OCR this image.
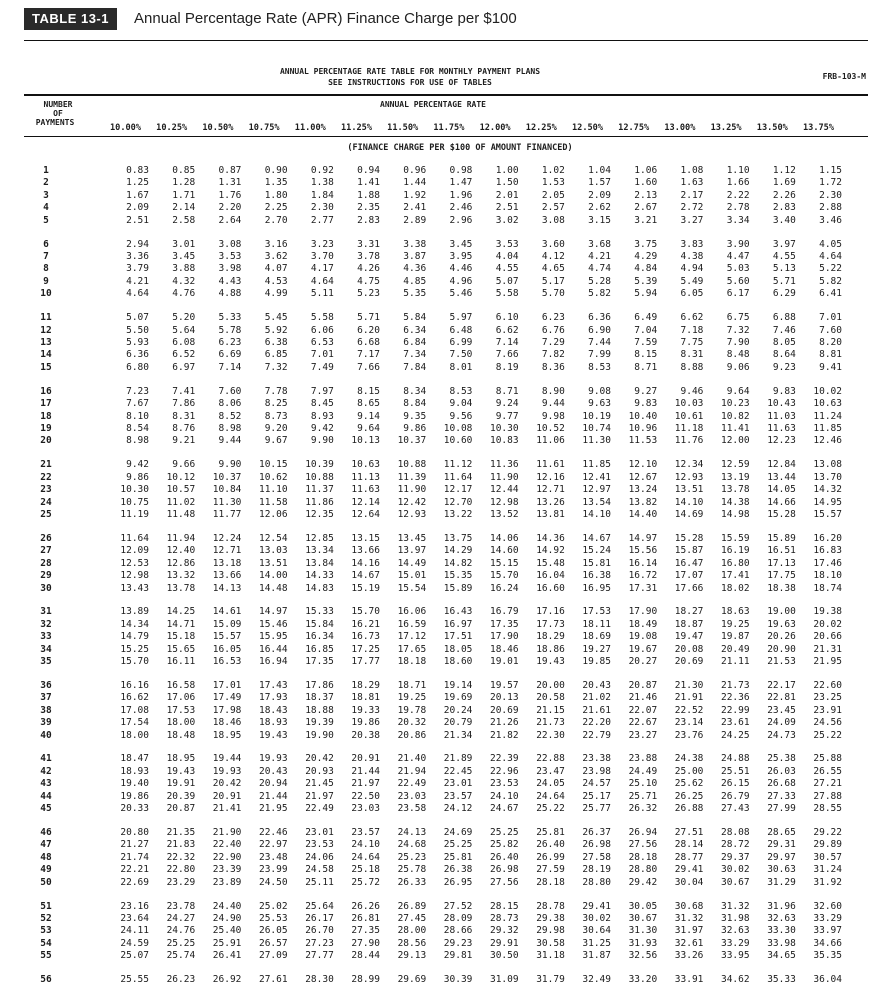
TABLE 13-1	Annual Percentage Rate (APR) Finance Charge per $100
ANNUAL PERCENTAGE RATE TABLE FOR MONTHLY PAYMENT PLANS
SEE INSTRUCTIONS FOR USE OF TABLES
FRB-103-M
NUMBER
OF
PAYMENTS
ANNUAL PERCENTAGE RATE
10.00%	10.25%	10.50%	10.75%	11.00%	11.25%	11.50%	11.75%	12.00%	12.25%	12.50%	12.75%	13.00%	13.25%	13.50%	13.75%
(FINANCE CHARGE PER $100 OF AMOUNT FINANCED)
1	0.83	0.85	0.87	0.90	0.92	0.94	0.96	0.98	1.00	1.02	1.04	1.06	1.08	1.10	1.12	1.15
2	1.25	1.28	1.31	1.35	1.38	1.41	1.44	1.47	1.50	1.53	1.57	1.60	1.63	1.66	1.69	1.72
3	1.67	1.71	1.76	1.80	1.84	1.88	1.92	1.96	2.01	2.05	2.09	2.13	2.17	2.22	2.26	2.30
4	2.09	2.14	2.20	2.25	2.30	2.35	2.41	2.46	2.51	2.57	2.62	2.67	2.72	2.78	2.83	2.88
5	2.51	2.58	2.64	2.70	2.77	2.83	2.89	2.96	3.02	3.08	3.15	3.21	3.27	3.34	3.40	3.46
6	2.94	3.01	3.08	3.16	3.23	3.31	3.38	3.45	3.53	3.60	3.68	3.75	3.83	3.90	3.97	4.05
7	3.36	3.45	3.53	3.62	3.70	3.78	3.87	3.95	4.04	4.12	4.21	4.29	4.38	4.47	4.55	4.64
8	3.79	3.88	3.98	4.07	4.17	4.26	4.36	4.46	4.55	4.65	4.74	4.84	4.94	5.03	5.13	5.22
9	4.21	4.32	4.43	4.53	4.64	4.75	4.85	4.96	5.07	5.17	5.28	5.39	5.49	5.60	5.71	5.82
10	4.64	4.76	4.88	4.99	5.11	5.23	5.35	5.46	5.58	5.70	5.82	5.94	6.05	6.17	6.29	6.41
11	5.07	5.20	5.33	5.45	5.58	5.71	5.84	5.97	6.10	6.23	6.36	6.49	6.62	6.75	6.88	7.01
12	5.50	5.64	5.78	5.92	6.06	6.20	6.34	6.48	6.62	6.76	6.90	7.04	7.18	7.32	7.46	7.60
13	5.93	6.08	6.23	6.38	6.53	6.68	6.84	6.99	7.14	7.29	7.44	7.59	7.75	7.90	8.05	8.20
14	6.36	6.52	6.69	6.85	7.01	7.17	7.34	7.50	7.66	7.82	7.99	8.15	8.31	8.48	8.64	8.81
15	6.80	6.97	7.14	7.32	7.49	7.66	7.84	8.01	8.19	8.36	8.53	8.71	8.88	9.06	9.23	9.41
16	7.23	7.41	7.60	7.78	7.97	8.15	8.34	8.53	8.71	8.90	9.08	9.27	9.46	9.64	9.83	10.02
17	7.67	7.86	8.06	8.25	8.45	8.65	8.84	9.04	9.24	9.44	9.63	9.83	10.03	10.23	10.43	10.63
18	8.10	8.31	8.52	8.73	8.93	9.14	9.35	9.56	9.77	9.98	10.19	10.40	10.61	10.82	11.03	11.24
19	8.54	8.76	8.98	9.20	9.42	9.64	9.86	10.08	10.30	10.52	10.74	10.96	11.18	11.41	11.63	11.85
20	8.98	9.21	9.44	9.67	9.90	10.13	10.37	10.60	10.83	11.06	11.30	11.53	11.76	12.00	12.23	12.46
21	9.42	9.66	9.90	10.15	10.39	10.63	10.88	11.12	11.36	11.61	11.85	12.10	12.34	12.59	12.84	13.08
22	9.86	10.12	10.37	10.62	10.88	11.13	11.39	11.64	11.90	12.16	12.41	12.67	12.93	13.19	13.44	13.70
23	10.30	10.57	10.84	11.10	11.37	11.63	11.90	12.17	12.44	12.71	12.97	13.24	13.51	13.78	14.05	14.32
24	10.75	11.02	11.30	11.58	11.86	12.14	12.42	12.70	12.98	13.26	13.54	13.82	14.10	14.38	14.66	14.95
25	11.19	11.48	11.77	12.06	12.35	12.64	12.93	13.22	13.52	13.81	14.10	14.40	14.69	14.98	15.28	15.57
26	11.64	11.94	12.24	12.54	12.85	13.15	13.45	13.75	14.06	14.36	14.67	14.97	15.28	15.59	15.89	16.20
27	12.09	12.40	12.71	13.03	13.34	13.66	13.97	14.29	14.60	14.92	15.24	15.56	15.87	16.19	16.51	16.83
28	12.53	12.86	13.18	13.51	13.84	14.16	14.49	14.82	15.15	15.48	15.81	16.14	16.47	16.80	17.13	17.46
29	12.98	13.32	13.66	14.00	14.33	14.67	15.01	15.35	15.70	16.04	16.38	16.72	17.07	17.41	17.75	18.10
30	13.43	13.78	14.13	14.48	14.83	15.19	15.54	15.89	16.24	16.60	16.95	17.31	17.66	18.02	18.38	18.74
31	13.89	14.25	14.61	14.97	15.33	15.70	16.06	16.43	16.79	17.16	17.53	17.90	18.27	18.63	19.00	19.38
32	14.34	14.71	15.09	15.46	15.84	16.21	16.59	16.97	17.35	17.73	18.11	18.49	18.87	19.25	19.63	20.02
33	14.79	15.18	15.57	15.95	16.34	16.73	17.12	17.51	17.90	18.29	18.69	19.08	19.47	19.87	20.26	20.66
34	15.25	15.65	16.05	16.44	16.85	17.25	17.65	18.05	18.46	18.86	19.27	19.67	20.08	20.49	20.90	21.31
35	15.70	16.11	16.53	16.94	17.35	17.77	18.18	18.60	19.01	19.43	19.85	20.27	20.69	21.11	21.53	21.95
36	16.16	16.58	17.01	17.43	17.86	18.29	18.71	19.14	19.57	20.00	20.43	20.87	21.30	21.73	22.17	22.60
37	16.62	17.06	17.49	17.93	18.37	18.81	19.25	19.69	20.13	20.58	21.02	21.46	21.91	22.36	22.81	23.25
38	17.08	17.53	17.98	18.43	18.88	19.33	19.78	20.24	20.69	21.15	21.61	22.07	22.52	22.99	23.45	23.91
39	17.54	18.00	18.46	18.93	19.39	19.86	20.32	20.79	21.26	21.73	22.20	22.67	23.14	23.61	24.09	24.56
40	18.00	18.48	18.95	19.43	19.90	20.38	20.86	21.34	21.82	22.30	22.79	23.27	23.76	24.25	24.73	25.22
41	18.47	18.95	19.44	19.93	20.42	20.91	21.40	21.89	22.39	22.88	23.38	23.88	24.38	24.88	25.38	25.88
42	18.93	19.43	19.93	20.43	20.93	21.44	21.94	22.45	22.96	23.47	23.98	24.49	25.00	25.51	26.03	26.55
43	19.40	19.91	20.42	20.94	21.45	21.97	22.49	23.01	23.53	24.05	24.57	25.10	25.62	26.15	26.68	27.21
44	19.86	20.39	20.91	21.44	21.97	22.50	23.03	23.57	24.10	24.64	25.17	25.71	26.25	26.79	27.33	27.88
45	20.33	20.87	21.41	21.95	22.49	23.03	23.58	24.12	24.67	25.22	25.77	26.32	26.88	27.43	27.99	28.55
46	20.80	21.35	21.90	22.46	23.01	23.57	24.13	24.69	25.25	25.81	26.37	26.94	27.51	28.08	28.65	29.22
47	21.27	21.83	22.40	22.97	23.53	24.10	24.68	25.25	25.82	26.40	26.98	27.56	28.14	28.72	29.31	29.89
48	21.74	22.32	22.90	23.48	24.06	24.64	25.23	25.81	26.40	26.99	27.58	28.18	28.77	29.37	29.97	30.57
49	22.21	22.80	23.39	23.99	24.58	25.18	25.78	26.38	26.98	27.59	28.19	28.80	29.41	30.02	30.63	31.24
50	22.69	23.29	23.89	24.50	25.11	25.72	26.33	26.95	27.56	28.18	28.80	29.42	30.04	30.67	31.29	31.92
51	23.16	23.78	24.40	25.02	25.64	26.26	26.89	27.52	28.15	28.78	29.41	30.05	30.68	31.32	31.96	32.60
52	23.64	24.27	24.90	25.53	26.17	26.81	27.45	28.09	28.73	29.38	30.02	30.67	31.32	31.98	32.63	33.29
53	24.11	24.76	25.40	26.05	26.70	27.35	28.00	28.66	29.32	29.98	30.64	31.30	31.97	32.63	33.30	33.97
54	24.59	25.25	25.91	26.57	27.23	27.90	28.56	29.23	29.91	30.58	31.25	31.93	32.61	33.29	33.98	34.66
55	25.07	25.74	26.41	27.09	27.77	28.44	29.13	29.81	30.50	31.18	31.87	32.56	33.26	33.95	34.65	35.35
56	25.55	26.23	26.92	27.61	28.30	28.99	29.69	30.39	31.09	31.79	32.49	33.20	33.91	34.62	35.33	36.04
